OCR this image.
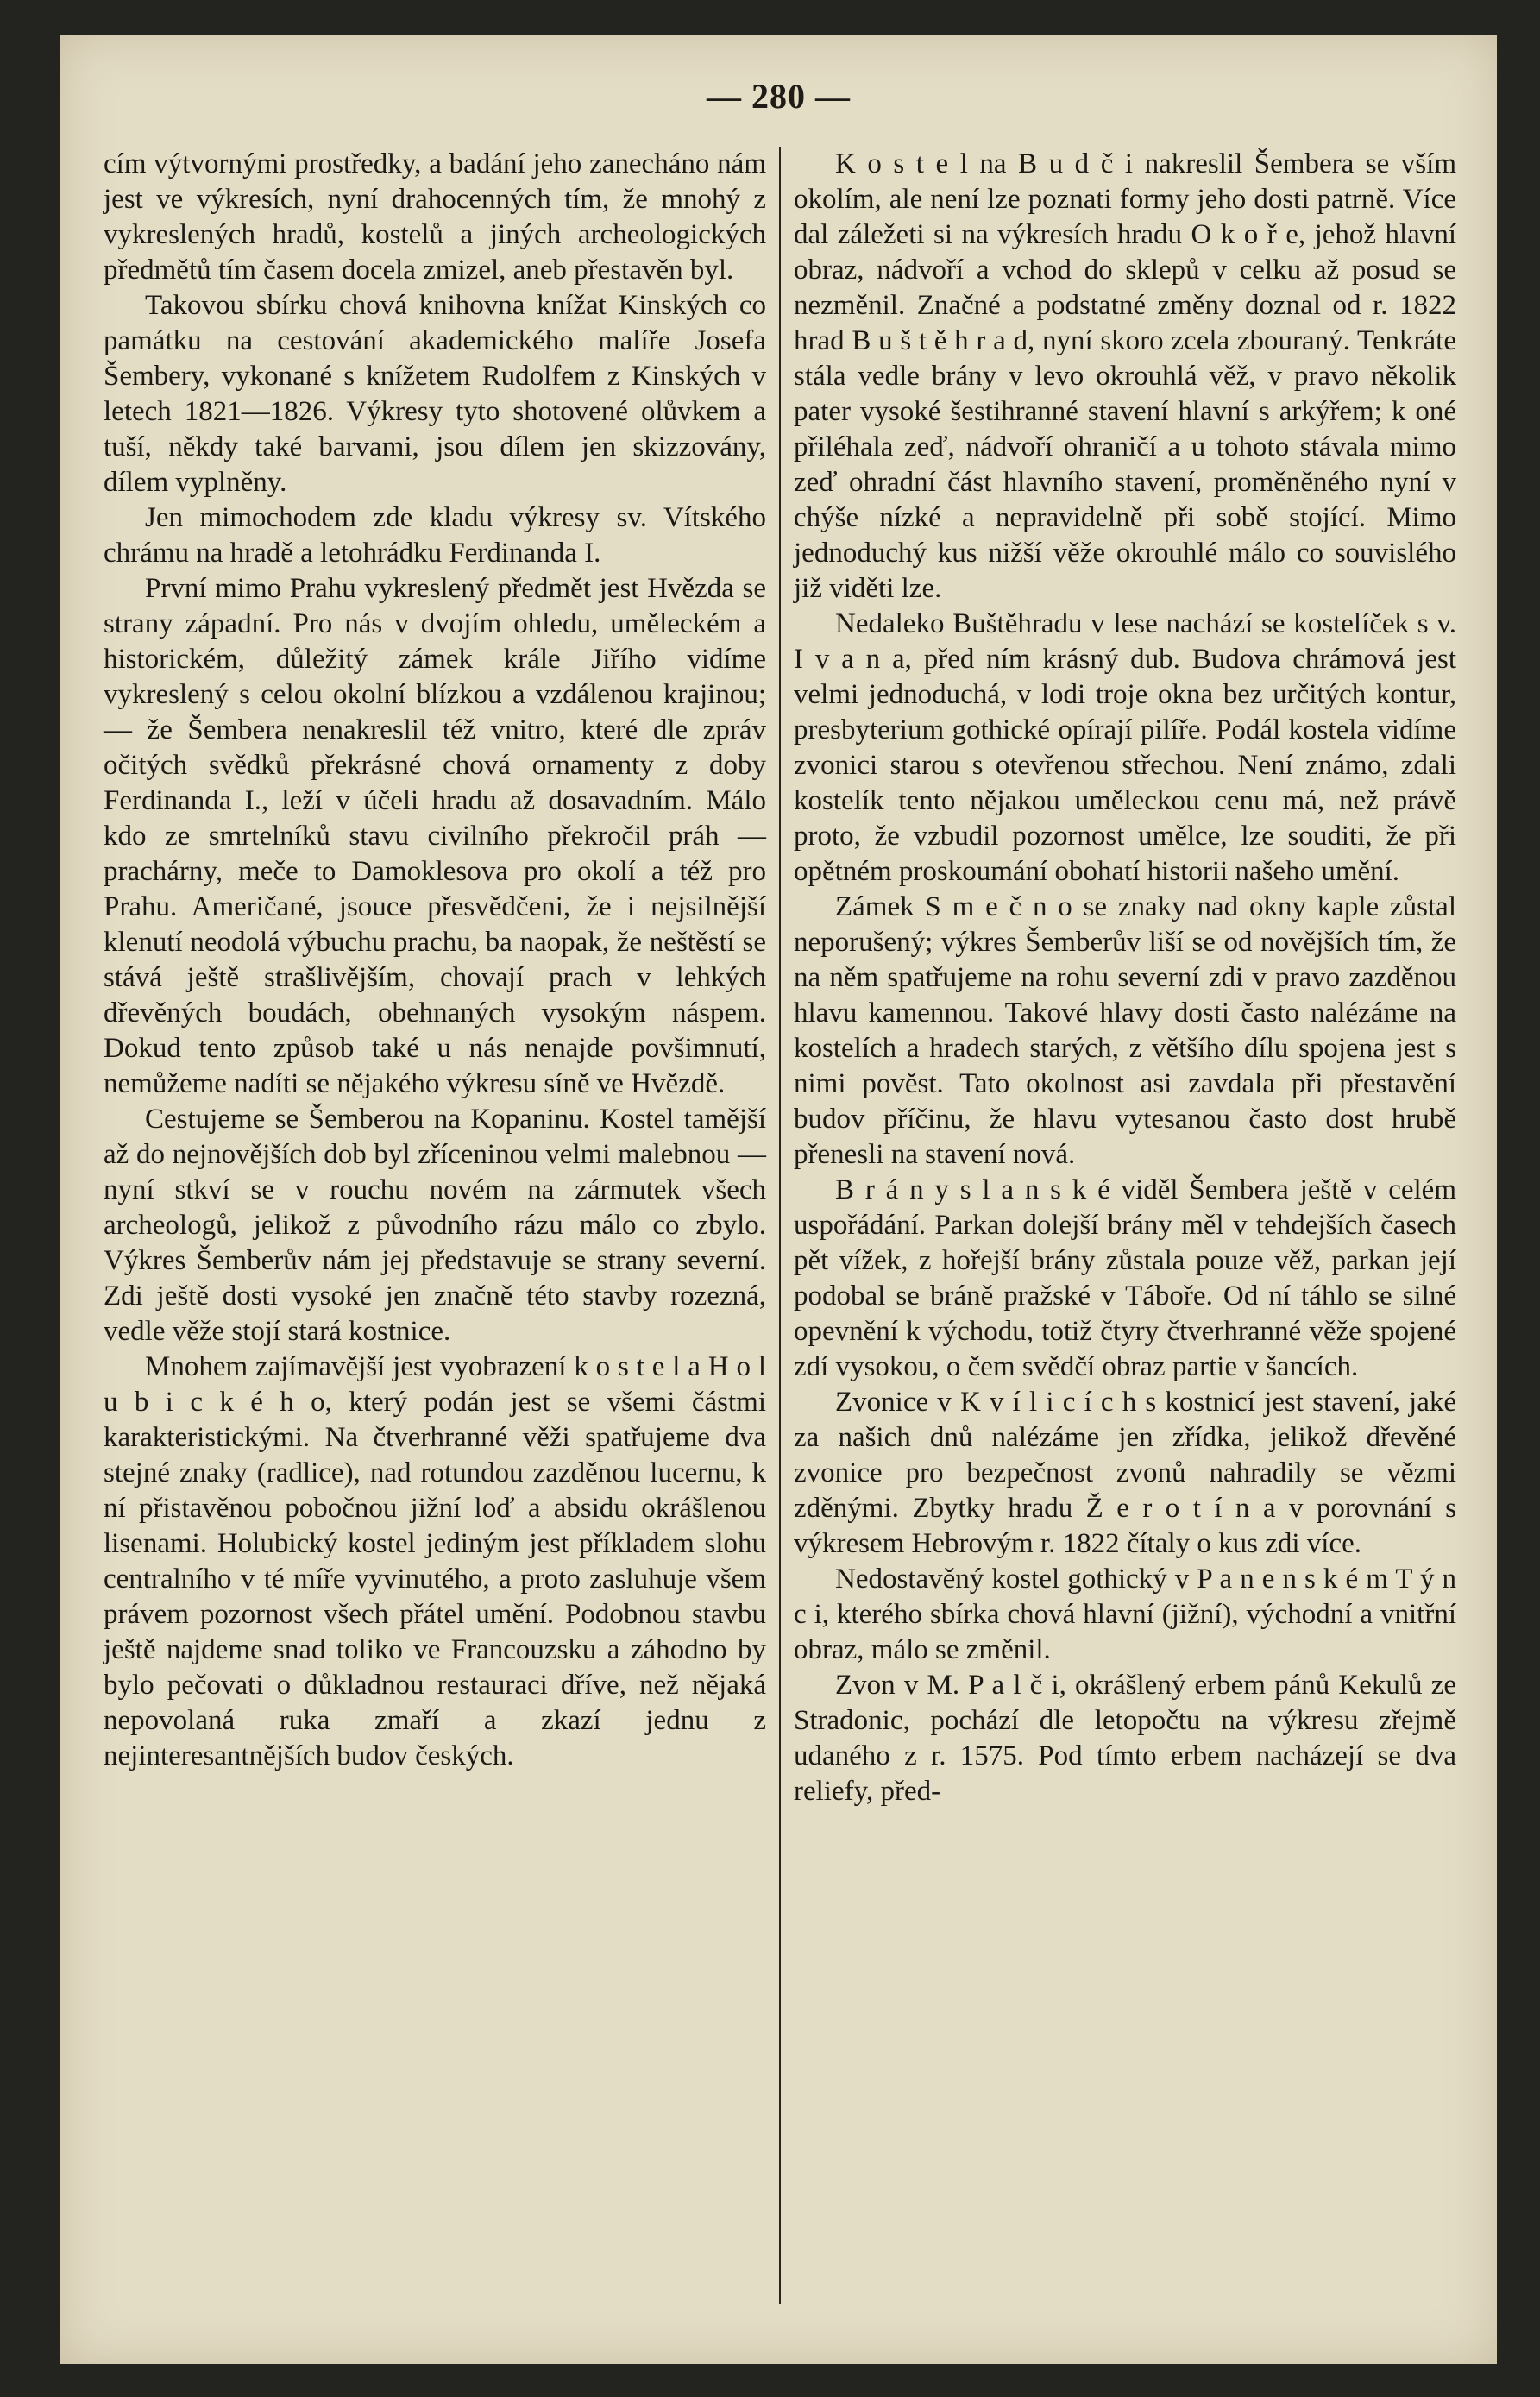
— 280 —

cím výtvornými prostředky, a badání jeho zanecháno nám jest ve výkresích, nyní drahocenných tím, že mnohý z vykreslených hradů, kostelů a jiných archeologických předmětů tím časem docela zmizel, aneb přestavěn byl.

Takovou sbírku chová knihovna knížat Kinských co památku na cestování akademického malíře Josefa Šembery, vykonané s knížetem Rudolfem z Kinských v letech 1821—1826. Výkresy tyto shotovené olůvkem a tuší, někdy také barvami, jsou dílem jen skizzovány, dílem vyplněny.

Jen mimochodem zde kladu výkresy sv. Vítského chrámu na hradě a letohrádku Ferdinanda I.

První mimo Prahu vykreslený předmět jest Hvězda se strany západní. Pro nás v dvojím ohledu, uměleckém a historickém, důležitý zámek krále Jiřího vidíme vykreslený s celou okolní blízkou a vzdálenou krajinou; — že Šembera nenakreslil též vnitro, které dle zpráv očitých svědků překrásné chová ornamenty z doby Ferdinanda I., leží v účeli hradu až dosavadním. Málo kdo ze smrtelníků stavu civilního překročil práh — prachárny, meče to Damoklesova pro okolí a též pro Prahu. Američané, jsouce přesvědčeni, že i nejsilnější klenutí neodolá výbuchu prachu, ba naopak, že neštěstí se stává ještě strašlivějším, chovají prach v lehkých dřevěných boudách, obehnaných vysokým náspem. Dokud tento způsob také u nás nenajde povšimnutí, nemůžeme nadíti se nějakého výkresu síně ve Hvězdě.

Cestujeme se Šemberou na Kopaninu. Kostel tamější až do nejnovějších dob byl zříceninou velmi malebnou — nyní stkví se v rouchu novém na zármutek všech archeologů, jelikož z původního rázu málo co zbylo. Výkres Šemberův nám jej představuje se strany severní. Zdi ještě dosti vysoké jen značně této stavby rozezná, vedle věže stojí stará kostnice.

Mnohem zajímavější jest vyobrazení k o s t e l a H o l u b i c k é h o, který podán jest se všemi částmi karakteristickými. Na čtverhranné věži spatřujeme dva stejné znaky (radlice), nad rotundou zazděnou lucernu, k ní přistavěnou pobočnou jižní loď a absidu okrášlenou lisenami. Holubický kostel jediným jest příkladem slohu centralního v té míře vyvinutého, a proto zasluhuje všem právem pozornost všech přátel umění. Podobnou stavbu ještě najdeme snad toliko ve Francouzsku a záhodno by bylo pečovati o důkladnou restauraci dříve, než nějaká nepovolaná ruka zmaří a zkazí jednu z nejinteresantnějších budov českých.

K o s t e l na B u d č i nakreslil Šembera se vším okolím, ale není lze poznati formy jeho dosti patrně. Více dal záležeti si na výkresích hradu O k o ř e, jehož hlavní obraz, nádvoří a vchod do sklepů v celku až posud se nezměnil. Značné a podstatné změny doznal od r. 1822 hrad B u š t ě h r a d, nyní skoro zcela zbouraný. Tenkráte stála vedle brány v levo okrouhlá věž, v pravo několik pater vysoké šestihranné stavení hlavní s arkýřem; k oné přiléhala zeď, nádvoří ohraničí a u tohoto stávala mimo zeď ohradní část hlavního stavení, proměněného nyní v chýše nízké a nepravidelně při sobě stojící. Mimo jednoduchý kus nižší věže okrouhlé málo co souvislého již viděti lze.

Nedaleko Buštěhradu v lese nachází se kostelíček s v. I v a n a, před ním krásný dub. Budova chrámová jest velmi jednoduchá, v lodi troje okna bez určitých kontur, presbyterium gothické opírají pilíře. Podál kostela vidíme zvonici starou s otevřenou střechou. Není známo, zdali kostelík tento nějakou uměleckou cenu má, než právě proto, že vzbudil pozornost umělce, lze souditi, že při opětném proskoumání obohatí historii našeho umění.

Zámek S m e č n o se znaky nad okny kaple zůstal neporušený; výkres Šemberův liší se od novějších tím, že na něm spatřujeme na rohu severní zdi v pravo zazděnou hlavu kamennou. Takové hlavy dosti často nalézáme na kostelích a hradech starých, z většího dílu spojena jest s nimi pověst. Tato okolnost asi zavdala při přestavění budov příčinu, že hlavu vytesanou často dost hrubě přenesli na stavení nová.

B r á n y s l a n s k é viděl Šembera ještě v celém uspořádání. Parkan dolejší brány měl v tehdejších časech pět vížek, z hořejší brány zůstala pouze věž, parkan její podobal se bráně pražské v Táboře. Od ní táhlo se silné opevnění k východu, totiž čtyry čtverhranné věže spojené zdí vysokou, o čem svědčí obraz partie v šancích.

Zvonice v K v í l i c í c h s kostnicí jest stavení, jaké za našich dnů nalézáme jen zřídka, jelikož dřevěné zvonice pro bezpečnost zvonů nahradily se vězmi zděnými. Zbytky hradu Ž e r o t í n a v porovnání s výkresem Hebrovým r. 1822 čítaly o kus zdi více.

Nedostavěný kostel gothický v P a n e n s k é m T ý n c i, kterého sbírka chová hlavní (jižní), východní a vnitřní obraz, málo se změnil.

Zvon v M. P a l č i, okrášlený erbem pánů Kekulů ze Stradonic, pochází dle letopočtu na výkresu zřejmě udaného z r. 1575. Pod tímto erbem nacházejí se dva reliefy, před-
